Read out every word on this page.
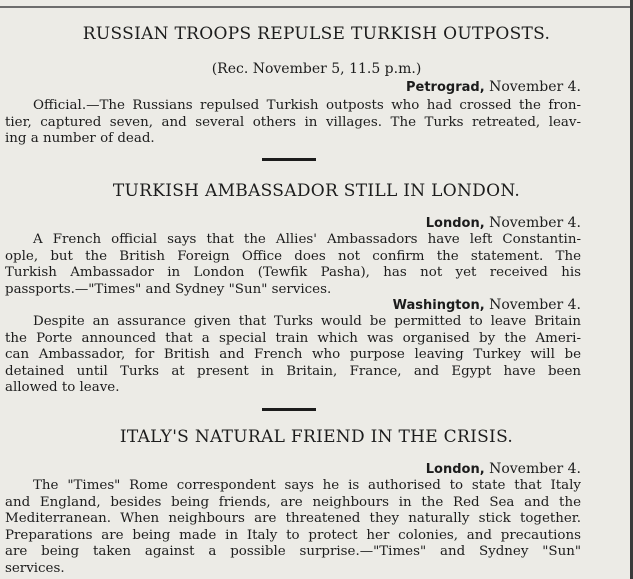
RUSSIAN TROOPS REPULSE TURKISH OUTPOSTS.
(Rec. November 5, 11.5 p.m.)
Petrograd, November 4.
Official.—The Russians repulsed Turkish outposts who had crossed the fron-
tier, captured seven, and several others in villages. The Turks retreated, leav-
ing a number of dead.
TURKISH AMBASSADOR STILL IN LONDON.
London, November 4.
A French official says that the Allies' Ambassadors have left Constantin-
ople, but the British Foreign Office does not confirm the statement. The
Turkish Ambassador in London (Tewfik Pasha), has not yet received his
passports.—"Times" and Sydney "Sun" services.
Washington, November 4.
Despite an assurance given that Turks would be permitted to leave Britain
the Porte announced that a special train which was organised by the Ameri-
can Ambassador, for British and French who purpose leaving Turkey will be
detained until Turks at present in Britain, France, and Egypt have been
allowed to leave.
ITALY'S NATURAL FRIEND IN THE CRISIS.
London, November 4.
The "Times" Rome correspondent says he is authorised to state that Italy
and England, besides being friends, are neighbours in the Red Sea and the
Mediterranean. When neighbours are threatened they naturally stick together.
Preparations are being made in Italy to protect her colonies, and precautions
are being taken against a possible surprise.—"Times" and Sydney "Sun"
services.
